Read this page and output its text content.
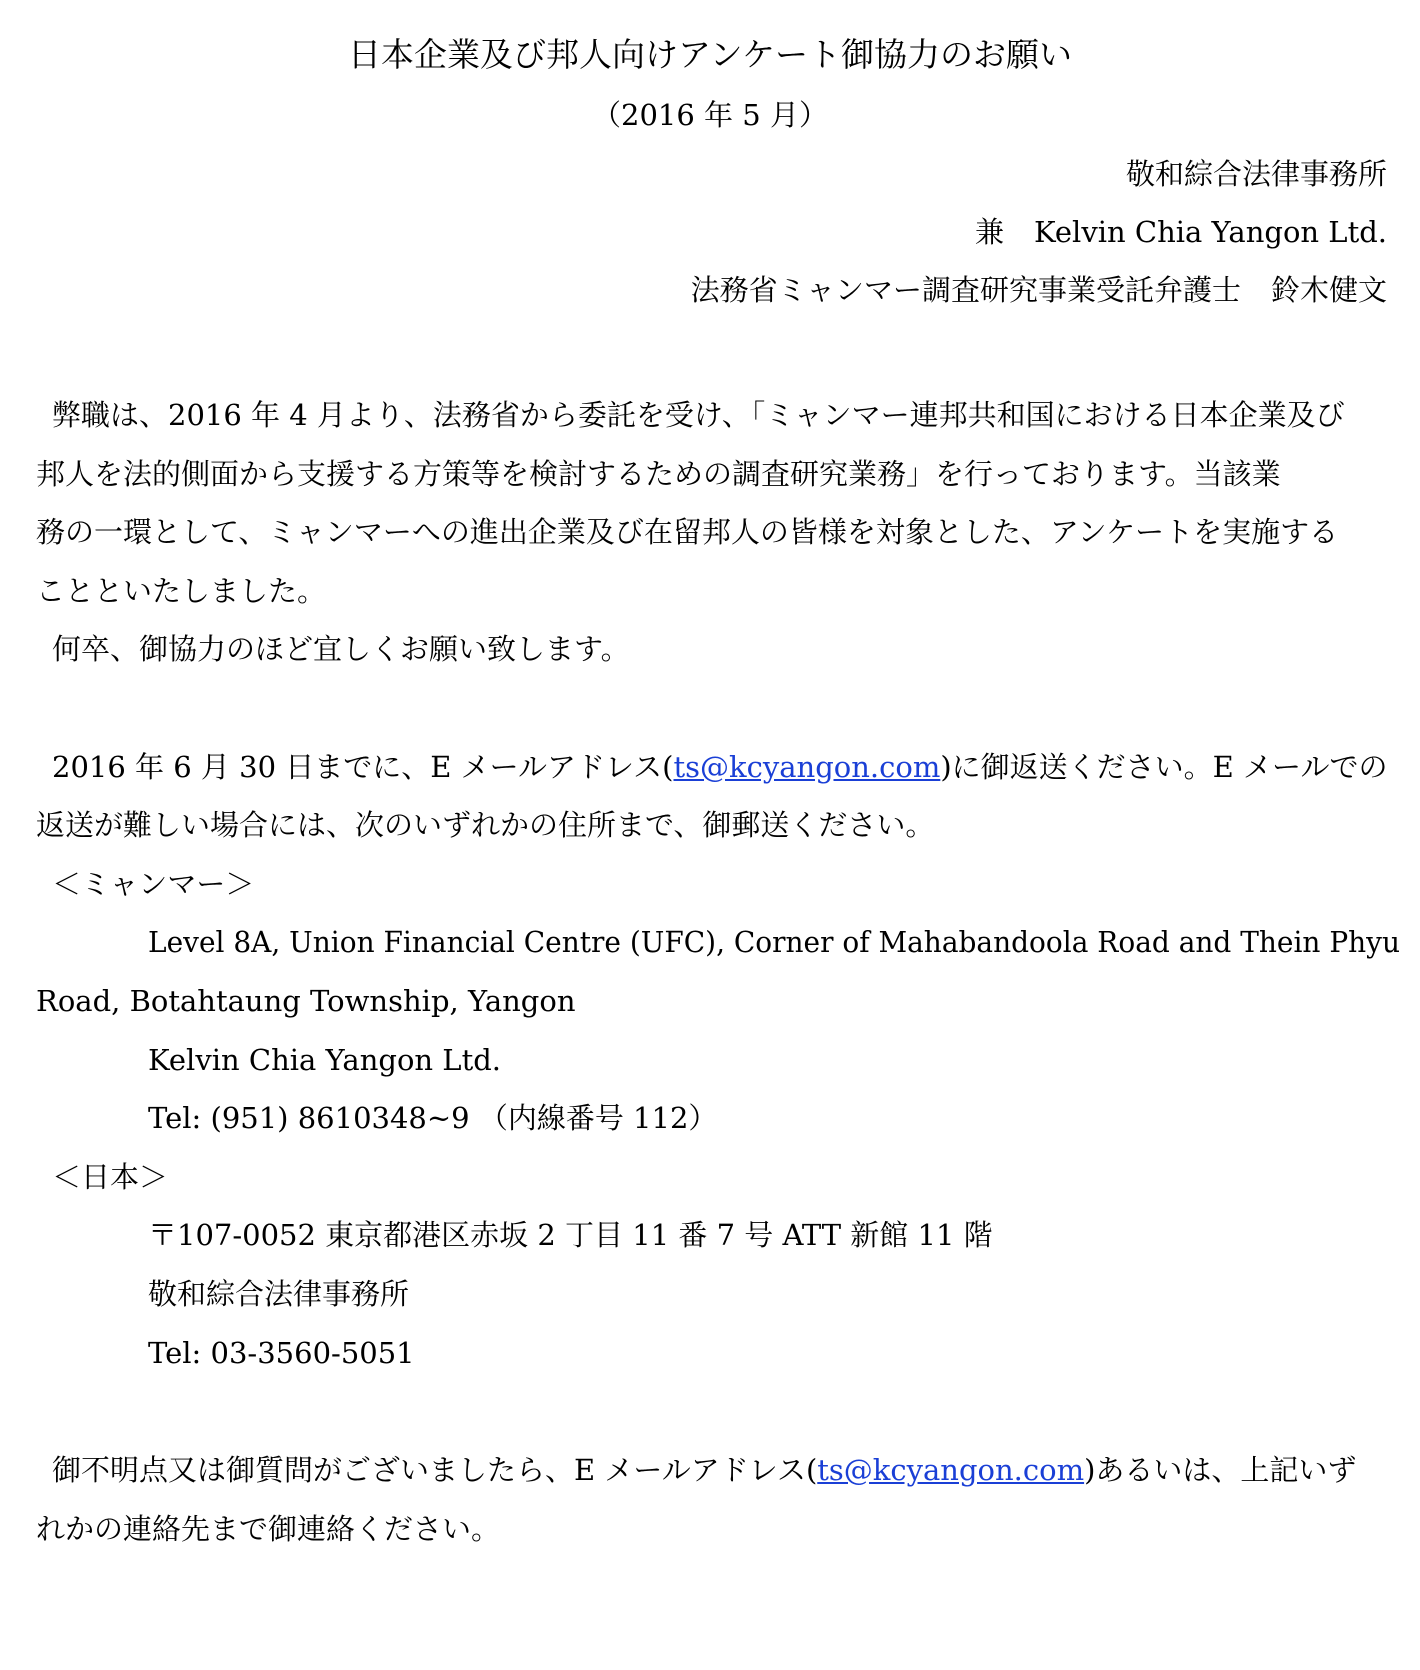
日本企業及び邦人向けアンケート御協力のお願い
（2016 年 5 月）
敬和綜合法律事務所
兼 Kelvin Chia Yangon Ltd.
法務省ミャンマー調査研究事業受託弁護士 鈴木健文
弊職は、2016 年 4 月より、法務省から委託を受け、「ミャンマー連邦共和国における日本企業及び
邦人を法的側面から支援する方策等を検討するための調査研究業務」を行っております。当該業
務の一環として、ミャンマーへの進出企業及び在留邦人の皆様を対象とした、アンケートを実施する
ことといたしました。
何卒、御協力のほど宜しくお願い致します。
2016 年 6 月 30 日までに、E メールアドレス(ts@kcyangon.com)に御返送ください。E メールでの
返送が難しい場合には、次のいずれかの住所まで、御郵送ください。
＜ミャンマー＞
Level 8A, Union Financial Centre (UFC), Corner of Mahabandoola Road and Thein Phyu
Road, Botahtaung Township, Yangon
Kelvin Chia Yangon Ltd.
Tel: (951) 8610348~9 （内線番号 112）
＜日本＞
〒107-0052 東京都港区赤坂 2 丁目 11 番 7 号 ATT 新館 11 階
敬和綜合法律事務所
Tel: 03-3560-5051
御不明点又は御質問がございましたら、E メールアドレス(ts@kcyangon.com)あるいは、上記いず
れかの連絡先まで御連絡ください。
